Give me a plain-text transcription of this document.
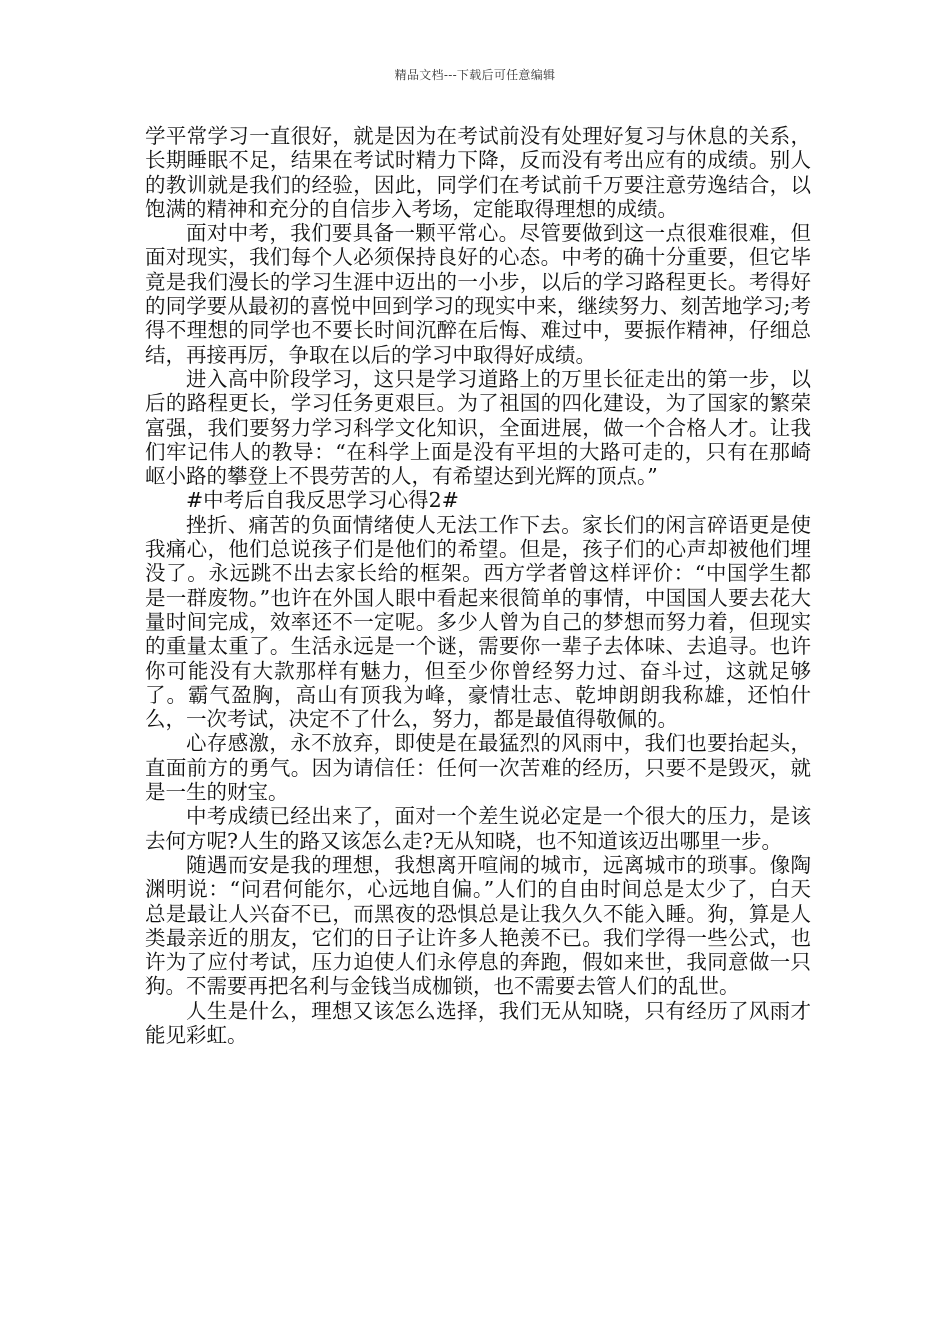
精品文档---下载后可任意编辑

学平常学习一直很好，就是因为在考试前没有处理好复习与休息的关系，长期睡眠不足，结果在考试时精力下降，反而没有考出应有的成绩。别人的教训就是我们的经验，因此，同学们在考试前千万要注意劳逸结合，以饱满的精神和充分的自信步入考场，定能取得理想的成绩。

面对中考，我们要具备一颗平常心。尽管要做到这一点很难很难，但面对现实，我们每个人必须保持良好的心态。中考的确十分重要，但它毕竟是我们漫长的学习生涯中迈出的一小步，以后的学习路程更长。考得好的同学要从最初的喜悦中回到学习的现实中来，继续努力、刻苦地学习;考得不理想的同学也不要长时间沉醉在后悔、难过中，要振作精神，仔细总结，再接再厉，争取在以后的学习中取得好成绩。

进入高中阶段学习，这只是学习道路上的万里长征走出的第一步，以后的路程更长，学习任务更艰巨。为了祖国的四化建设，为了国家的繁荣富强，我们要努力学习科学文化知识，全面进展，做一个合格人才。让我们牢记伟人的教导：“在科学上面是没有平坦的大路可走的，只有在那崎岖小路的攀登上不畏劳苦的人，有希望达到光辉的顶点。”

#中考后自我反思学习心得2#

挫折、痛苦的负面情绪使人无法工作下去。家长们的闲言碎语更是使我痛心，他们总说孩子们是他们的希望。但是，孩子们的心声却被他们埋没了。永远跳不出去家长给的框架。西方学者曾这样评价：“中国学生都是一群废物。”也许在外国人眼中看起来很简单的事情，中国国人要去花大量时间完成，效率还不一定呢。多少人曾为自己的梦想而努力着，但现实的重量太重了。生活永远是一个谜，需要你一辈子去体味、去追寻。也许你可能没有大款那样有魅力，但至少你曾经努力过、奋斗过，这就足够了。霸气盈胸，高山有顶我为峰，豪情壮志、乾坤朗朗我称雄，还怕什么，一次考试，决定不了什么，努力，都是最值得敬佩的。

心存感激，永不放弃，即使是在最猛烈的风雨中，我们也要抬起头，直面前方的勇气。因为请信任：任何一次苦难的经历，只要不是毁灭，就是一生的财宝。

中考成绩已经出来了，面对一个差生说必定是一个很大的压力，是该去何方呢?人生的路又该怎么走?无从知晓，也不知道该迈出哪里一步。

随遇而安是我的理想，我想离开喧闹的城市，远离城市的琐事。像陶渊明说：“问君何能尔，心远地自偏。”人们的自由时间总是太少了，白天总是最让人兴奋不已，而黑夜的恐惧总是让我久久不能入睡。狗，算是人类最亲近的朋友，它们的日子让许多人艳羡不已。我们学得一些公式，也许为了应付考试，压力迫使人们永停息的奔跑，假如来世，我同意做一只狗。不需要再把名利与金钱当成枷锁，也不需要去管人们的乱世。

人生是什么，理想又该怎么选择，我们无从知晓，只有经历了风雨才能见彩虹。
